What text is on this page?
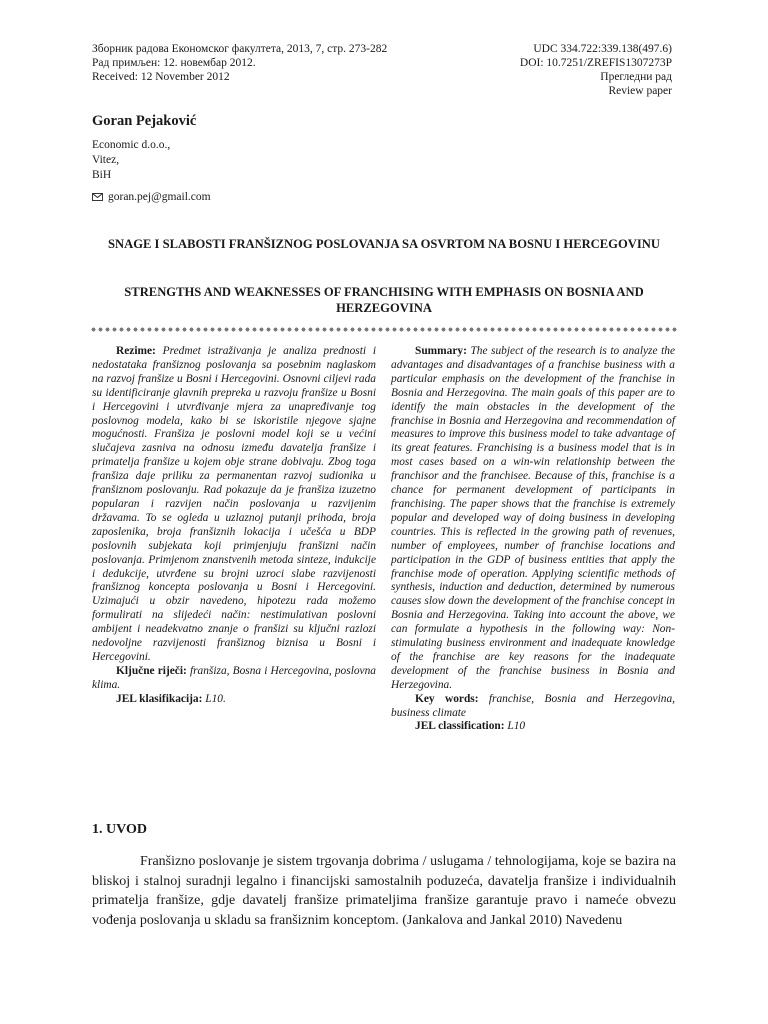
Зборник радова Економског факултета, 2013, 7, стр. 273-282
Рад примљен: 12. новембар 2012.
Received: 12 November 2012
UDC 334.722:339.138(497.6)
DOI: 10.7251/ZREFIS1307273P
Прегледни рад
Review paper
Goran Pejaković
Economic d.o.o.,
Vitez,
BiH
goran.pej@gmail.com
SNAGE I SLABOSTI FRANŠIZNOG POSLOVANJA SA OSVRTOM NA BOSNU I HERCEGOVINU
STRENGTHS AND WEAKNESSES OF FRANCHISING WITH EMPHASIS ON BOSNIA AND HERZEGOVINA

Rezime: Predmet istraživanja je analiza prednosti i nedostataka franšiznog poslovanja sa posebnim naglaskom na razvoj franšize u Bosni i Hercegovini. Osnovni ciljevi rada su identificiranje glavnih prepreka u razvoju franšize u Bosni i Hercegovini i utvrđivanje mjera za unapređivanje tog poslovnog modela, kako bi se iskoristile njegove sjajne mogućnosti. Franšiza je poslovni model koji se u većini slučajeva zasniva na odnosu između davatelja franšize i primatelja franšize u kojem obje strane dobivaju. Zbog toga franšiza daje priliku za permanentan razvoj sudionika u franšiznom poslovanju. Rad pokazuje da je franšiza izuzetno popularan i razvijen način poslovanja u razvijenim državama. To se ogleda u uzlaznoj putanji prihoda, broja zaposlenika, broja franšiznih lokacija i učešća u BDP poslovnih subjekata koji primjenjuju franšizni način poslovanja. Primjenom znanstvenih metoda sinteze, indukcije i dedukcije, utvrđene su brojni uzroci slabe razvijenosti franšiznog koncepta poslovanja u Bosni i Hercegovini. Uzimajući u obzir navedeno, hipotezu rada možemo formulirati na slijedeći način: nestimulativan poslovni ambijent i neadekvatno znanje o franšizi su ključni razlozi nedovoljne razvijenosti franšiznog biznisa u Bosni i Hercegovini.

Ključne riječi: franšiza, Bosna i Hercegovina, poslovna klima.

JEL klasifikacija: L10.

Summary: The subject of the research is to analyze the advantages and disadvantages of a franchise business with a particular emphasis on the development of the franchise in Bosnia and Herzegovina. The main goals of this paper are to identify the main obstacles in the development of the franchise in Bosnia and Herzegovina and recommendation of measures to improve this business model to take advantage of its great features. Franchising is a business model that is in most cases based on a win-win relationship between the franchisor and the franchisee. Because of this, franchise is a chance for permanent development of participants in franchising. The paper shows that the franchise is extremely popular and developed way of doing business in developing countries. This is reflected in the growing path of revenues, number of employees, number of franchise locations and participation in the GDP of business entities that apply the franchise mode of operation. Applying scientific methods of synthesis, induction and deduction, determined by numerous causes slow down the development of the franchise concept in Bosnia and Herzegovina. Taking into account the above, we can formulate a hypothesis in the following way: Non-stimulating business environment and inadequate knowledge of the franchise are key reasons for the inadequate development of the franchise business in Bosnia and Herzegovina.

Key words: franchise, Bosnia and Herzegovina, business climate

JEL classification: L10

1. UVOD

Franšizno poslovanje je sistem trgovanja dobrima / uslugama / tehnologijama, koje se bazira na bliskoj i stalnoj suradnji legalno i financijski samostalnih poduzeća, davatelja franšize i individualnih primatelja franšize, gdje davatelj franšize primateljima franšize garantuje pravo i nameće obvezu vođenja poslovanja u skladu sa franšiznim konceptom. (Jankalova and Jankal 2010) Navedenu
